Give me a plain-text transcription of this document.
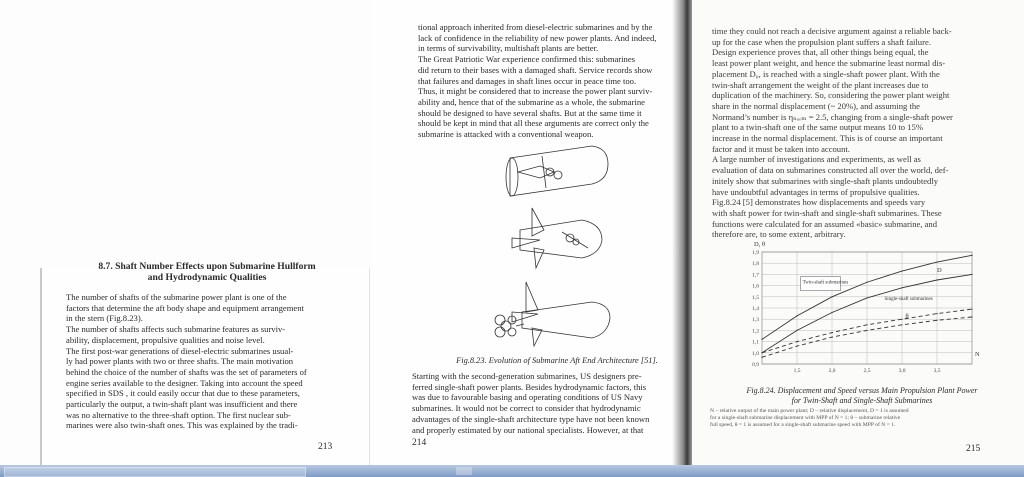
8.7. Shaft Number Effects upon Submarine Hullform
and Hydrodynamic Qualities
The number of shafts of the submarine power plant is one of the
factors that determine the aft body shape and equipment arrangement
in the stern (Fig.8.23).
The number of shafts affects such submarine features as surviv-
ability, displacement, propulsive qualities and noise level.
The first post-war generations of diesel-electric submarines usual-
ly had power plants with two or three shafts. The main motivation
behind the choice of the number of shafts was the set of parameters of
engine series available to the designer. Taking into account the speed
specified in SDS , it could easily occur that due to these parameters,
particularly the output, a twin-shaft plant was insufficient and there
was no alternative to the three-shaft option. The first nuclear sub-
marines were also twin-shaft ones. This was explained by the tradi-
213
tional approach inherited from diesel-electric submarines and by the
lack of confidence in the reliability of new power plants. And indeed,
in terms of survivability, multishaft plants are better.
The Great Patriotic War experience confirmed this: submarines
did return to their bases with a damaged shaft. Service records show
that failures and damages in shaft lines occur in peace time too.
Thus, it might be considered that to increase the power plant surviv-
ability and, hence that of the submarine as a whole, the submarine
should be designed to have several shafts. But at the same time it
should be kept in mind that all these arguments are correct only the
submarine is attacked with a conventional weapon.
Fig.8.23. Evolution of Submarine Aft End Architecture [51].
Starting with the second-generation submarines, US designers pre-
ferred single-shaft power plants. Besides hydrodynamic factors, this
was due to favourable basing and operating conditions of US Navy
submarines. It would not be correct to consider that hydrodynamic
advantages of the single-shaft architecture type have not been known
and properly estimated by our national specialists. However, at that
214
time they could not reach a decisive argument against a reliable back-
up for the case when the propulsion plant suffers a shaft failure.
Design experience proves that, all other things being equal, the
least power plant weight, and hence the submarine least normal dis-
placement D₀, is reached with a single-shaft power plant. With the
twin-shaft arrangement the weight of the plant increases due to
duplication of the machinery. So, considering the power plant weight
share in the normal displacement (~ 20%), and assuming the
Normand’s number is ηₙₒᵣₘ = 2.5, changing from a single-shaft power
plant to a twin-shaft one of the same output means 10 to 15%
increase in the normal displacement. This is of course an important
factor and it must be taken into account.
A large number of investigations and experiments, as well as
evaluation of data on submarines constructed all over the world, def-
initely show that submarines with single-shaft plants undoubtedly
have undoubtful advantages in terms of propulsive qualities.
Fig.8.24 [5] demonstrates how displacements and speeds vary
with shaft power for twin-shaft and single-shaft submarines. These
functions were calculated for an assumed «basic» submarine, and
therefore are, to some extent, arbitrary.
0,9
1,0
1,1
1,2
1,3
1,4
1,5
1,6
1,7
1,8
1,9
1,5	2,0	2,5	3,0	3,5
D, θ
N
Twin-shaft submarines
Single-shaft submarines
D
θ
Fig.8.24. Displacement and Speed versus Main Propulsion Plant Power
for Twin-Shaft and Single-Shaft Submarines
N – relative output of the main power plant; D – relative displacement, D = 1 is assumed
for a single-shaft submarine displacement with MPP of N = 1; θ – submarine relative
full speed, θ = 1 is assumed for a single-shaft submarine speed with MPP of N = 1.
215
